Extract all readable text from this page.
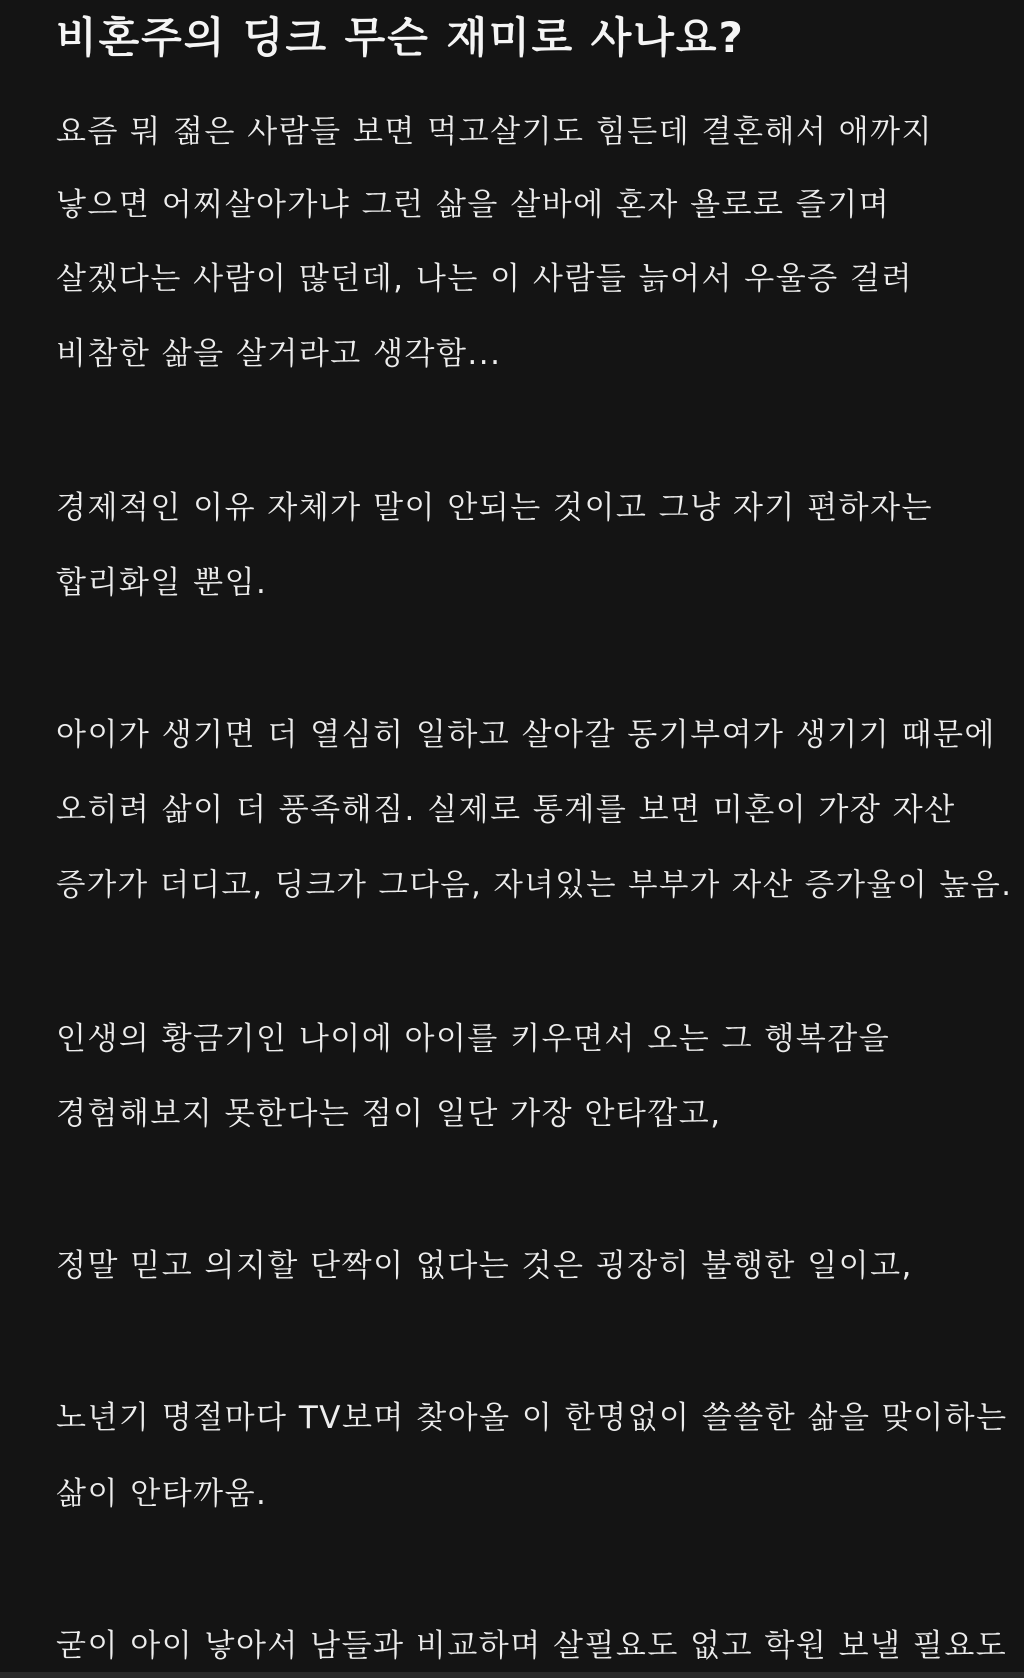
비혼주의 딩크 무슨 재미로 사나요?
요즘 뭐 젊은 사람들 보면 먹고살기도 힘든데 결혼해서 애까지
낳으면 어찌살아가냐 그런 삶을 살바에 혼자 욜로로 즐기며
살겠다는 사람이 많던데, 나는 이 사람들 늙어서 우울증 걸려
비참한 삶을 살거라고 생각함...
경제적인 이유 자체가 말이 안되는 것이고 그냥 자기 편하자는
합리화일 뿐임.
아이가 생기면 더 열심히 일하고 살아갈 동기부여가 생기기 때문에
오히려 삶이 더 풍족해짐. 실제로 통계를 보면 미혼이 가장 자산
증가가 더디고, 딩크가 그다음, 자녀있는 부부가 자산 증가율이 높음.
인생의 황금기인 나이에 아이를 키우면서 오는 그 행복감을
경험해보지 못한다는 점이 일단 가장 안타깝고,
정말 믿고 의지할 단짝이 없다는 것은 굉장히 불행한 일이고,
노년기 명절마다 TV보며 찾아올 이 한명없이 쓸쓸한 삶을 맞이하는
삶이 안타까움.
굳이 아이 낳아서 남들과 비교하며 살필요도 없고 학원 보낼 필요도
